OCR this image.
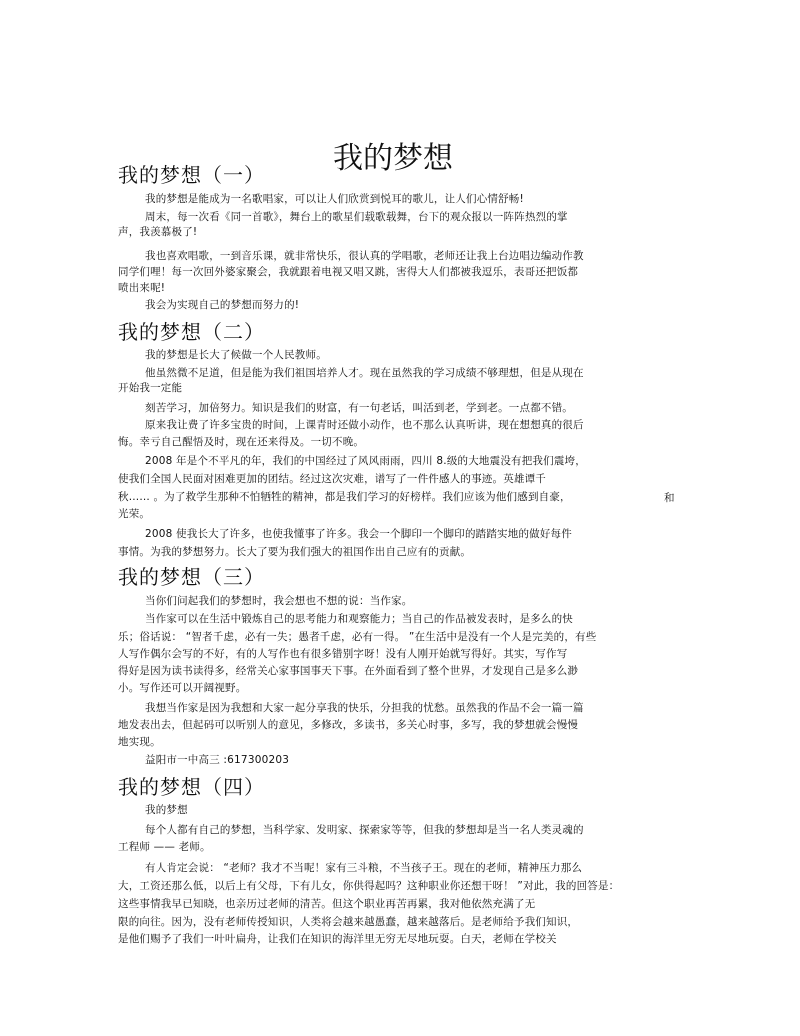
我的梦想
我的梦想（一）
我的梦想是能成为一名歌唱家，可以让人们欣赏到悦耳的歌儿，让人们心情舒畅!
周末，每一次看《同一首歌》，舞台上的歌星们载歌载舞，台下的观众报以一阵阵热烈的掌
声，我羡慕极了!
我也喜欢唱歌，一到音乐课，就非常快乐，很认真的学唱歌，老师还让我上台边唱边编动作教
同学们哩！每一次回外婆家聚会，我就跟着电视又唱又跳，害得大人们都被我逗乐，表哥还把饭都
喷出来呢!
我会为实现自己的梦想而努力的!
我的梦想（二）
我的梦想是长大了候做一个人民教师。
他虽然微不足道，但是能为我们祖国培养人才。现在虽然我的学习成绩不够理想，但是从现在
开始我一定能
刻苦学习，加倍努力。知识是我们的财富，有一句老话，叫活到老，学到老。一点都不错。
原来我让费了许多宝贵的时间，上课青时还做小动作，也不那么认真听讲，现在想想真的很后
悔。幸亏自己醒悟及时，现在还来得及。一切不晚。
2008 年是个不平凡的年，我们的中国经过了风风雨雨，四川 8.级的大地震没有把我们震垮，
使我们全国人民面对困难更加的团结。经过这次灾难，谱写了一件件感人的事迹。英雄谭千
秋...... 。为了救学生那种不怕牺牲的精神，都是我们学习的好榜样。我们应该为他们感到自豪，	和
光荣。
2008 使我长大了许多，也使我懂事了许多。我会一个脚印一个脚印的踏踏实地的做好每件
事情。为我的梦想努力。长大了要为我们强大的祖国作出自己应有的贡献。
我的梦想（三）
当你们问起我们的梦想时，我会想也不想的说：当作家。
当作家可以在生活中锻炼自己的思考能力和观察能力；当自己的作品被发表时，是多么的快
乐；俗话说： “智者千虑，必有一失；愚者千虑，必有一得。 ”在生活中是没有一个人是完美的，有些
人写作偶尔会写的不好，有的人写作也有很多错别字呀！没有人刚开始就写得好。其实，写作写
得好是因为读书读得多，经常关心家事国事天下事。在外面看到了整个世界，才发现自己是多么渺
小。写作还可以开阔视野。
我想当作家是因为我想和大家一起分享我的快乐，分担我的忧愁。虽然我的作品不会一篇一篇
地发表出去，但起码可以听别人的意见，多修改，多读书，多关心时事，多写，我的梦想就会慢慢
地实现。
益阳市一中高三 :617300203
我的梦想（四）
我的梦想
每个人都有自己的梦想，当科学家、发明家、探索家等等，但我的梦想却是当一名人类灵魂的
工程师 —— 老师。
有人肯定会说： “老师？我才不当呢！家有三斗粮，不当孩子王。现在的老师，精神压力那么
大，工资还那么低，以后上有父母，下有儿女，你供得起吗？这种职业你还想干呀！ ”对此，我的回答是：
这些事情我早已知晓，也亲历过老师的清苦。但这个职业再苦再累，我对他依然充满了无
限的向往。因为，没有老师传授知识，人类将会越来越愚蠢，越来越落后。是老师给予我们知识，
是他们赐予了我们一叶叶扁舟，让我们在知识的海洋里无穷无尽地玩耍。白天，老师在学校关
